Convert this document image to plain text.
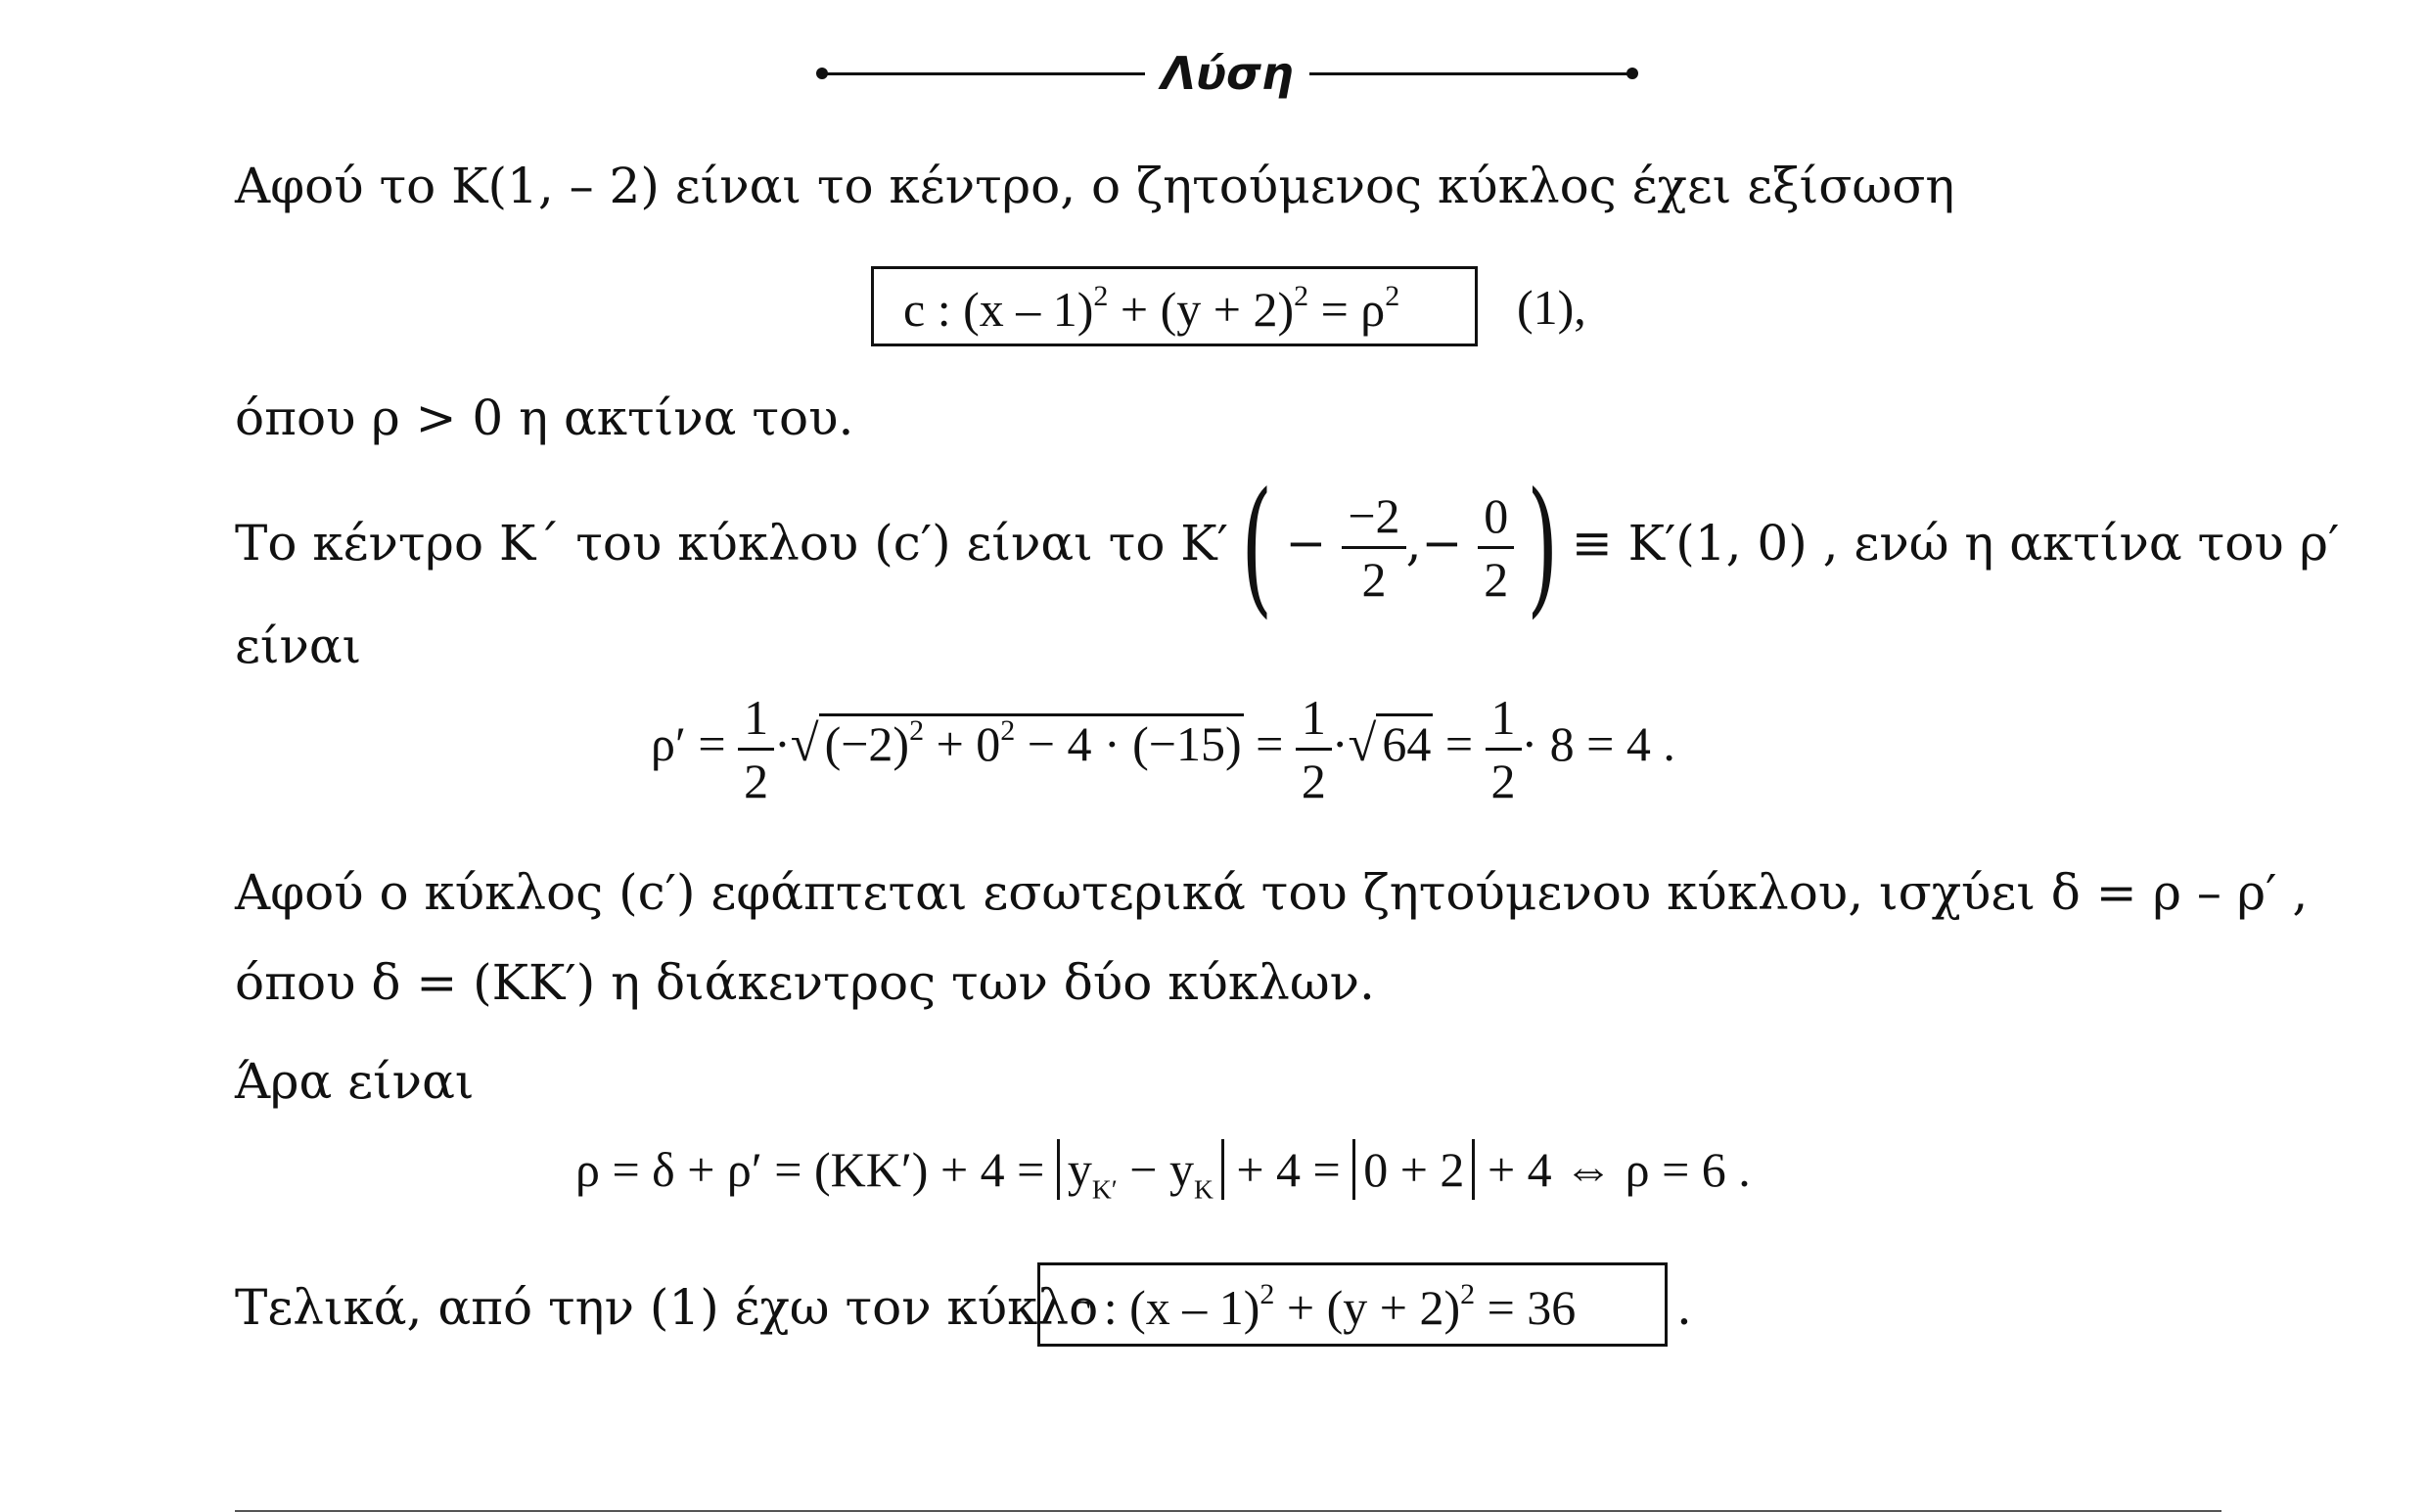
Λύση
Αφού το Κ(1, – 2) είναι το κέντρο, ο ζητούμενος κύκλος έχει εξίσωση
c : $(x - 1)^2 + (y + 2)^2 = \rho^2$	(1),
όπου ρ > 0 η ακτίνα του.
Το κέντρο Κ΄ του κύκλου (c′) είναι το $K'( - \frac{-2}{2}$ ,− $\frac{0}{2}$ ) ≡ Κ′(1, 0) , ενώ η ακτίνα του ρ′
είναι
$\rho' = \frac{1}{2}$ ·√ $(-2)^2 + 0^2 - 4 \cdot (-15) = \frac{1}{2}$ ·√ $64 = \frac{1}{2} \cdot 8 = 4$ .
Αφού ο κύκλος (c′) εφάπτεται εσωτερικά του ζητούμενου κύκλου, ισχύει δ = ρ – ρ′ ,
όπου δ = (ΚΚ′) η διάκεντρος των δύο κύκλων.
Άρα είναι
$\rho = \delta + \rho' = (KK') + 4 = y_{K'} - y_K + 4 = 0 + 2 + 4$ ⇔ ρ = 6 .
Τελικά, από την (1) έχω τον κύκλο
c : $(x - 1)^2 + (y + 2)^2 = 36$	.
